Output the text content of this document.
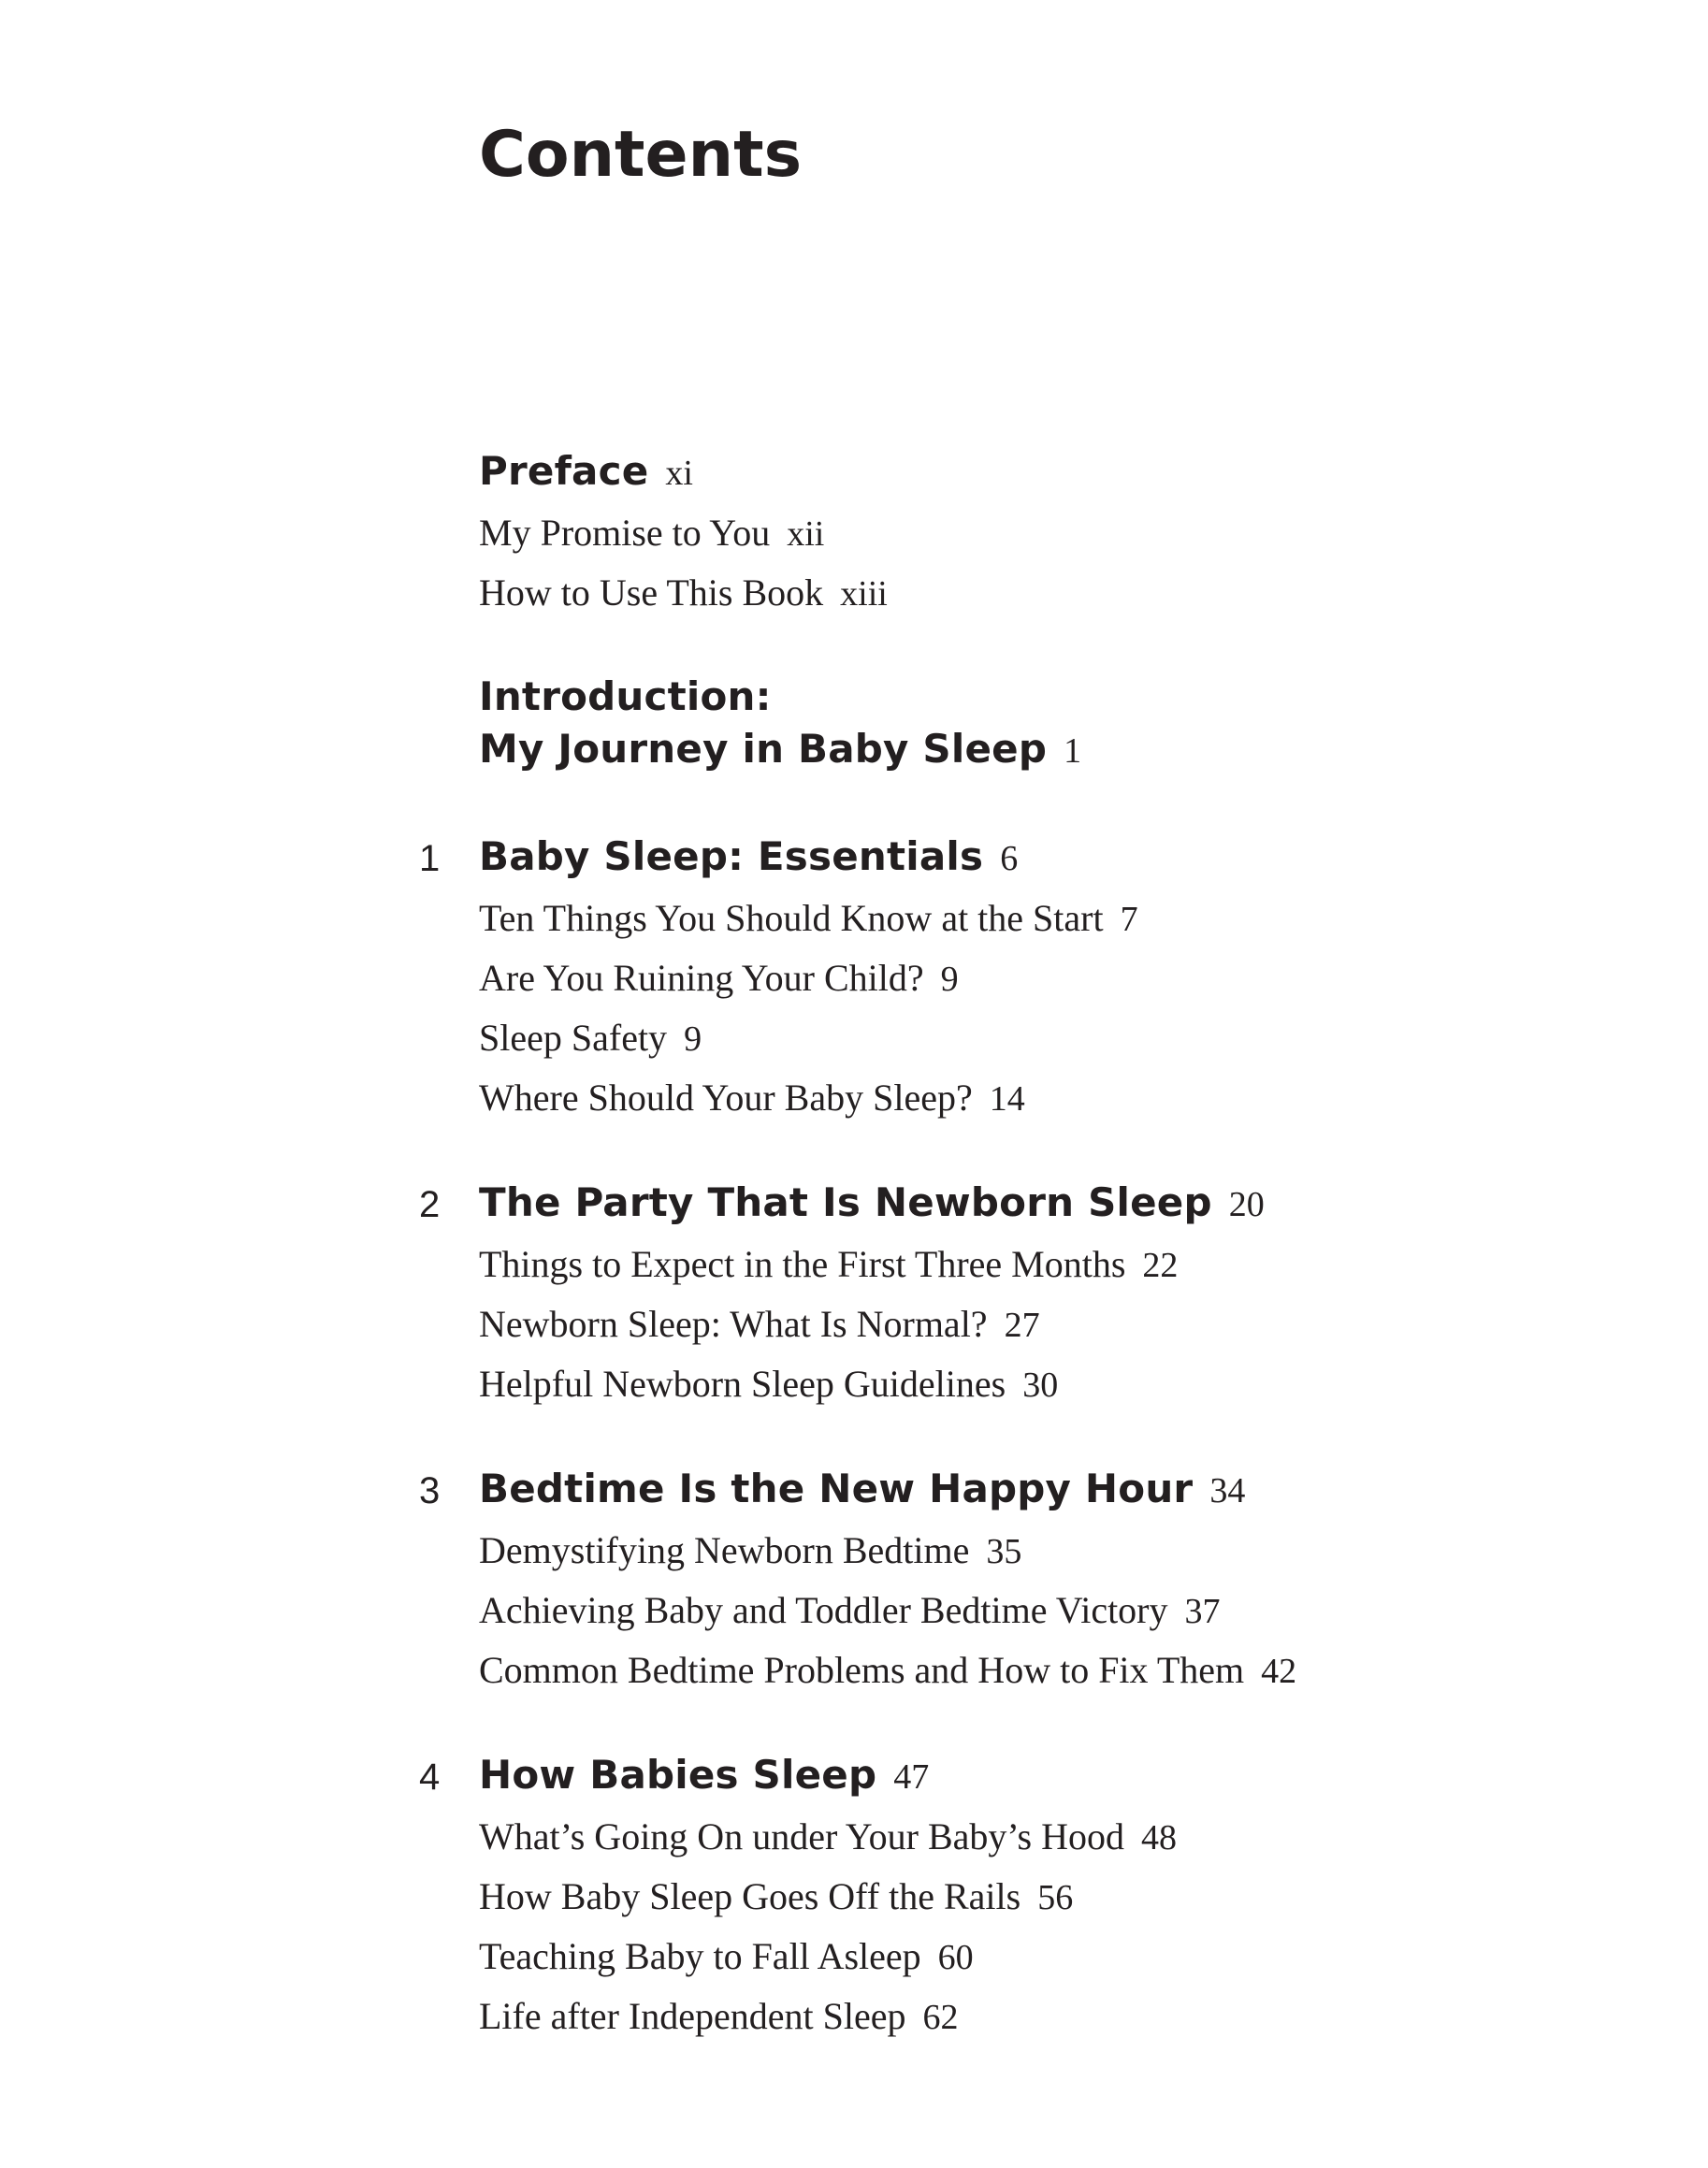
Contents
Preface xi
My Promise to You xii
How to Use This Book xiii
Introduction:
My Journey in Baby Sleep 1
1 Baby Sleep: Essentials 6
Ten Things You Should Know at the Start 7
Are You Ruining Your Child? 9
Sleep Safety 9
Where Should Your Baby Sleep? 14
2 The Party That Is Newborn Sleep 20
Things to Expect in the First Three Months 22
Newborn Sleep: What Is Normal? 27
Helpful Newborn Sleep Guidelines 30
3 Bedtime Is the New Happy Hour 34
Demystifying Newborn Bedtime 35
Achieving Baby and Toddler Bedtime Victory 37
Common Bedtime Problems and How to Fix Them 42
4 How Babies Sleep 47
What’s Going On under Your Baby’s Hood 48
How Baby Sleep Goes Off the Rails 56
Teaching Baby to Fall Asleep 60
Life after Independent Sleep 62
